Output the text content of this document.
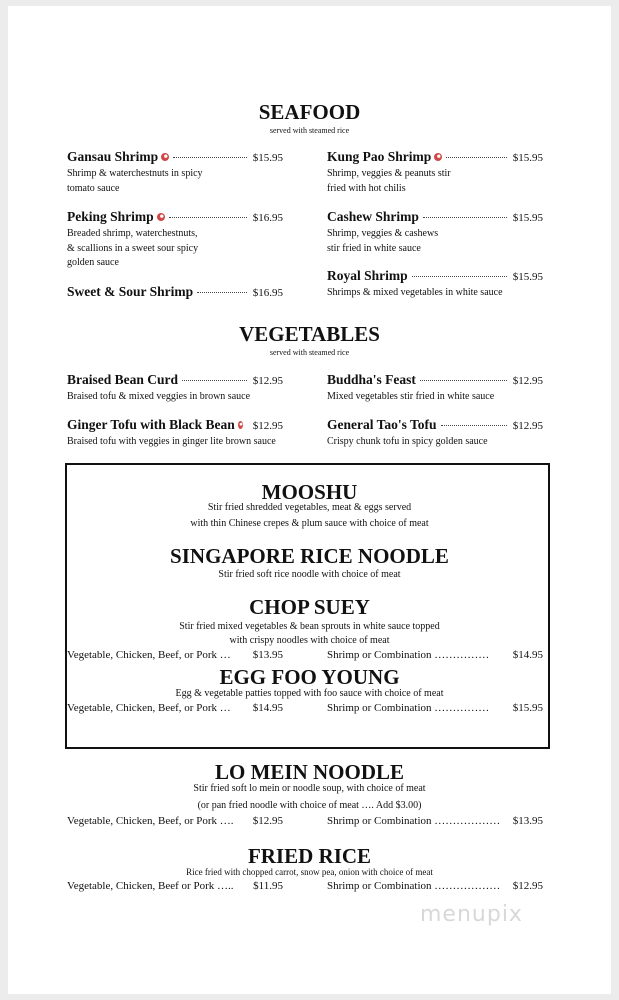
SEAFOOD
served with steamed rice
Gansau Shrimp	$15.95
Shrimp & waterchestnuts in spicy
tomato sauce
Peking Shrimp	$16.95
Breaded shrimp, waterchestnuts,
& scallions in a sweet sour spicy
golden sauce
Sweet & Sour Shrimp	$16.95
Kung Pao Shrimp	$15.95
Shrimp, veggies & peanuts stir
fried with hot chilis
Cashew Shrimp	$15.95
Shrimp, veggies & cashews
stir fried in white sauce
Royal Shrimp	$15.95
Shrimps & mixed vegetables in white sauce
VEGETABLES
served with steamed rice
Braised Bean Curd	$12.95
Braised tofu & mixed veggies in brown sauce
Ginger Tofu with Black Bean $12.95
Braised tofu with veggies in ginger lite brown sauce
Buddha's Feast	$12.95
Mixed vegetables stir fried in white sauce
General Tao's Tofu	$12.95
Crispy chunk tofu in spicy golden sauce
MOOSHU
Stir fried shredded vegetables, meat & eggs served
with thin Chinese crepes & plum sauce with choice of meat
SINGAPORE RICE NOODLE
Stir fried soft rice noodle with choice of meat
CHOP SUEY
Stir fried mixed vegetables & bean sprouts in white sauce topped
with crispy noodles with choice of meat
Vegetable, Chicken, Beef, or Pork …	$13.95	Shrimp or Combination ……………	$14.95
EGG FOO YOUNG
Egg & vegetable patties topped with foo sauce with choice of meat
Vegetable, Chicken, Beef, or Pork …	$14.95	Shrimp or Combination ……………	$15.95
LO MEIN NOODLE
Stir fried soft lo mein or noodle soup, with choice of meat
(or pan fried noodle with choice of meat …. Add $3.00)
Vegetable, Chicken, Beef, or Pork ….	$12.95	Shrimp or Combination ………………	$13.95
FRIED RICE
Rice fried with chopped carrot, snow pea, onion with choice of meat
Vegetable, Chicken, Beef or Pork …..	$11.95	Shrimp or Combination ………………	$12.95
menupix
